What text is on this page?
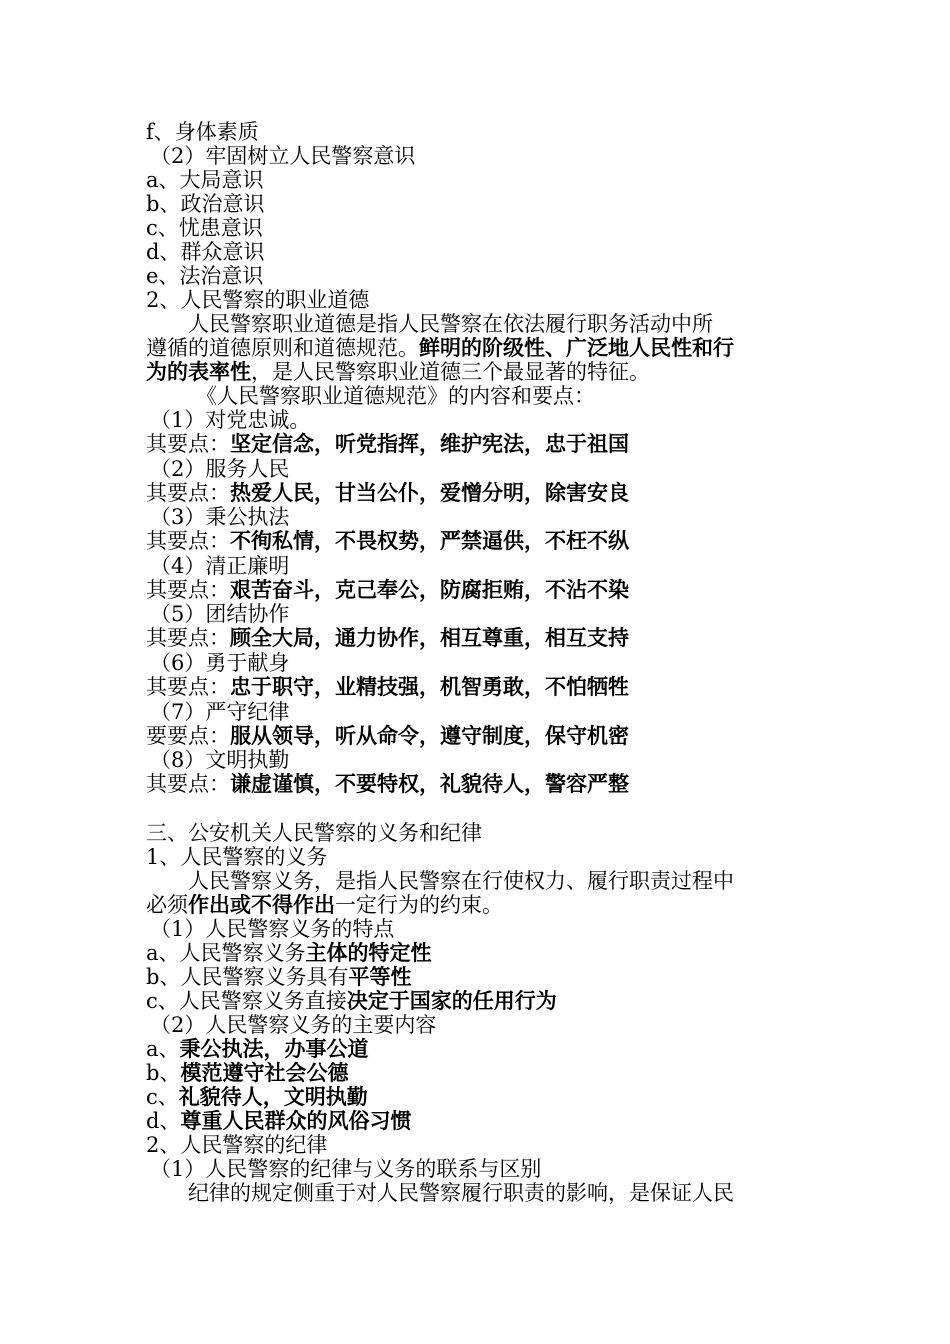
f、身体素质
（2）牢固树立人民警察意识
a、大局意识
b、政治意识
c、忧患意识
d、群众意识
e、法治意识
2、人民警察的职业道德
人民警察职业道德是指人民警察在依法履行职务活动中所
遵循的道德原则和道德规范。鲜明的阶级性、广泛地人民性和行
为的表率性，是人民警察职业道德三个最显著的特征。
《人民警察职业道德规范》的内容和要点：
（1）对党忠诚。
其要点：坚定信念，听党指挥，维护宪法，忠于祖国
（2）服务人民
其要点：热爱人民，甘当公仆，爱憎分明，除害安良
（3）秉公执法
其要点：不徇私情，不畏权势，严禁逼供，不枉不纵
（4）清正廉明
其要点：艰苦奋斗，克己奉公，防腐拒贿，不沾不染
（5）团结协作
其要点：顾全大局，通力协作，相互尊重，相互支持
（6）勇于献身
其要点：忠于职守，业精技强，机智勇敢，不怕牺牲
（7）严守纪律
要要点：服从领导，听从命令，遵守制度，保守机密
（8）文明执勤
其要点：谦虚谨慎，不要特权，礼貌待人，警容严整
三、公安机关人民警察的义务和纪律
1、人民警察的义务
人民警察义务，是指人民警察在行使权力、履行职责过程中
必须作出或不得作出一定行为的约束。
（1）人民警察义务的特点
a、人民警察义务主体的特定性
b、人民警察义务具有平等性
c、人民警察义务直接决定于国家的任用行为
（2）人民警察义务的主要内容
a、秉公执法，办事公道
b、模范遵守社会公德
c、礼貌待人，文明执勤
d、尊重人民群众的风俗习惯
2、人民警察的纪律
（1）人民警察的纪律与义务的联系与区别
纪律的规定侧重于对人民警察履行职责的影响，是保证人民
